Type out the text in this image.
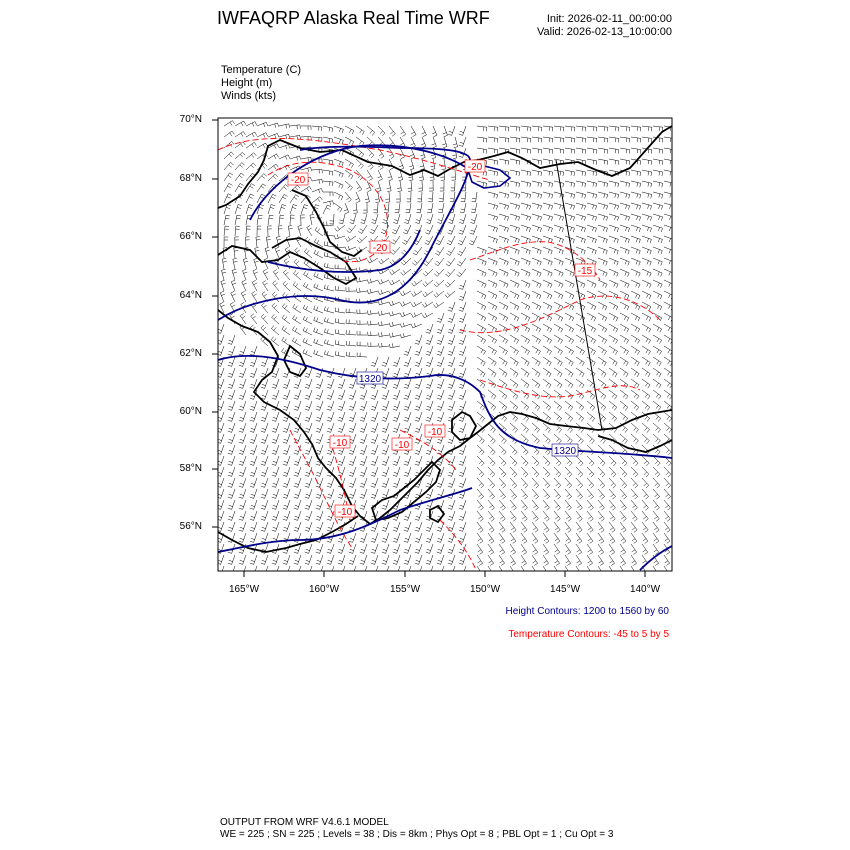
IWFAQRP Alaska Real Time WRF	Init: 2026-02-11_00:00:00
Valid: 2026-02-13_10:00:00
Temperature (C)
Height (m)
Winds (kts)
-20
-20
-20
-15
-10
-10
-10
-10
1320
1320
70°N
68°N
66°N
64°N
62°N
60°N
58°N
56°N
165°W	160°W	155°W	150°W	145°W	140°W
Height Contours: 1200 to 1560 by 60
Temperature Contours: -45 to 5 by 5
OUTPUT FROM WRF V4.6.1 MODEL
WE = 225 ; SN = 225 ; Levels = 38 ; Dis = 8km ; Phys Opt = 8 ; PBL Opt = 1 ; Cu Opt = 3
